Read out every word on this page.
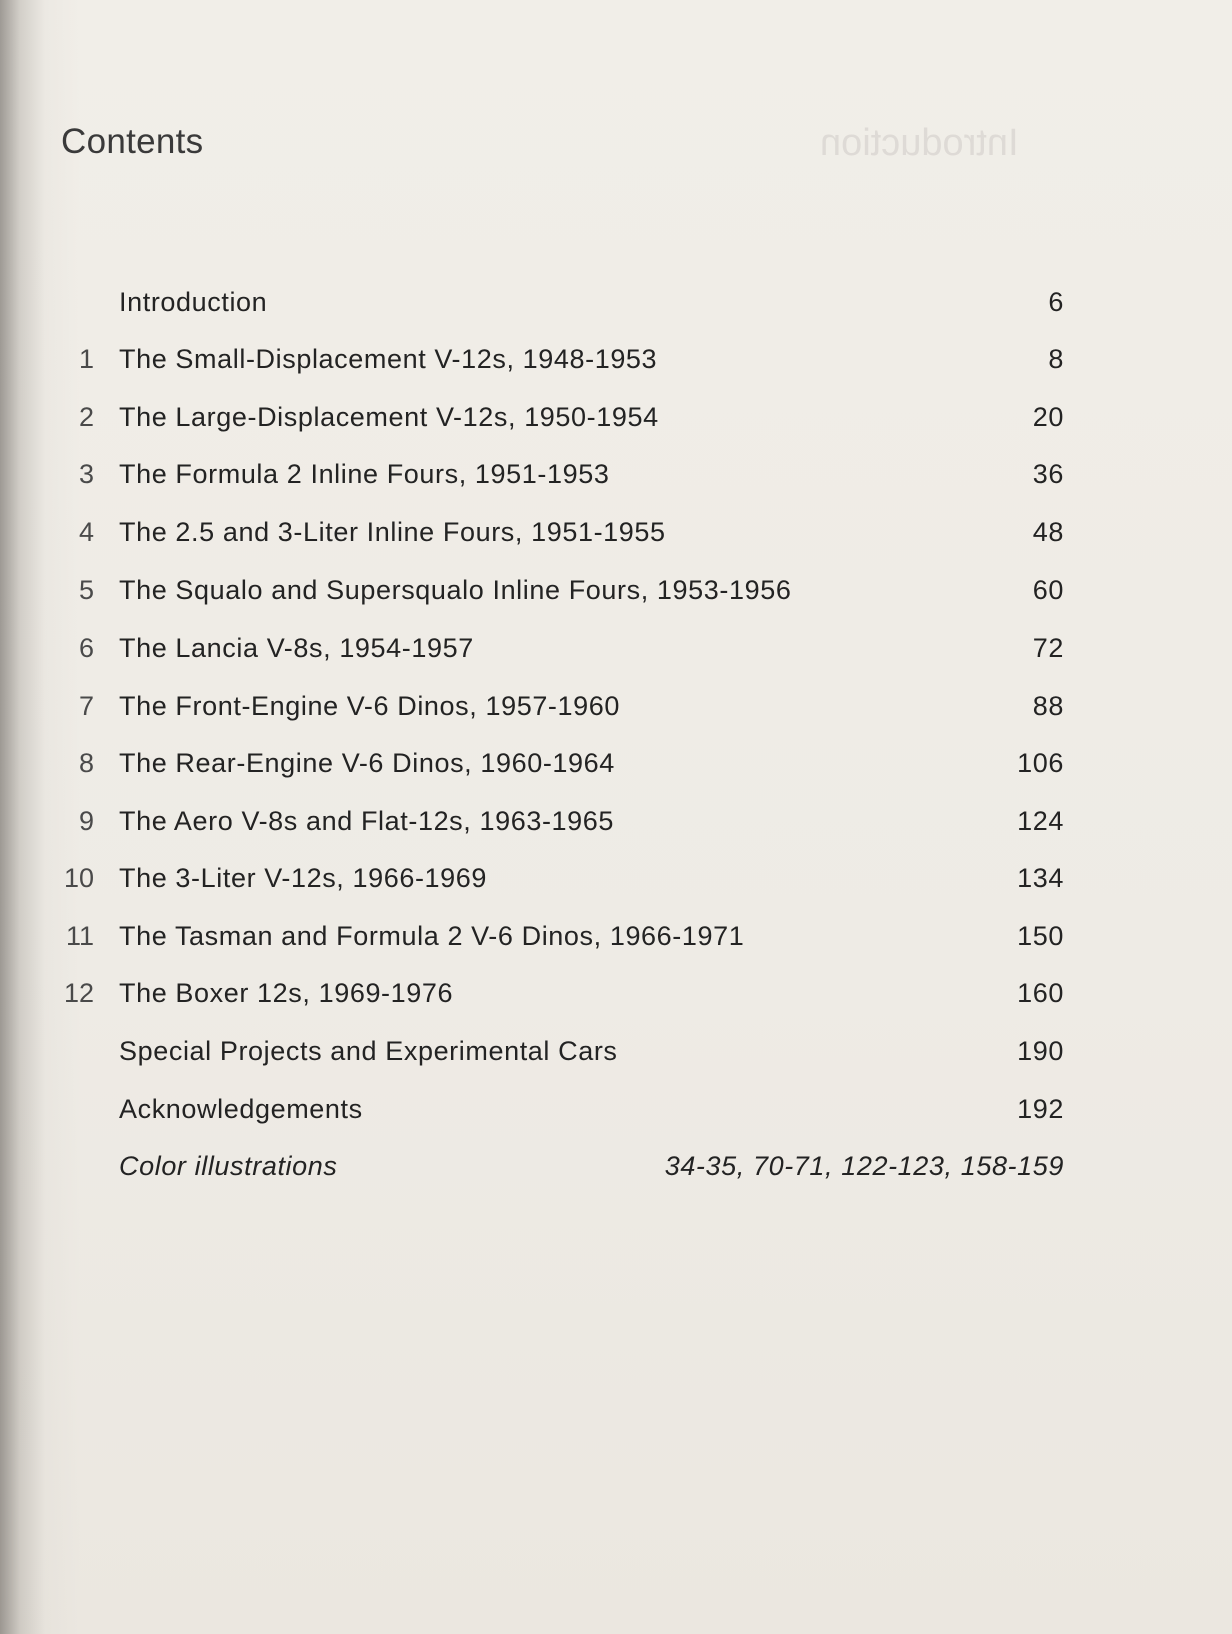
Introduction
Contents
Introduction	6
1 The Small-Displacement V-12s, 1948-1953	8
2 The Large-Displacement V-12s, 1950-1954	20
3 The Formula 2 Inline Fours, 1951-1953	36
4 The 2.5 and 3-Liter Inline Fours, 1951-1955	48
5 The Squalo and Supersqualo Inline Fours, 1953-1956	60
6 The Lancia V-8s, 1954-1957	72
7 The Front-Engine V-6 Dinos, 1957-1960	88
8 The Rear-Engine V-6 Dinos, 1960-1964	106
9 The Aero V-8s and Flat-12s, 1963-1965	124
10 The 3-Liter V-12s, 1966-1969	134
11 The Tasman and Formula 2 V-6 Dinos, 1966-1971	150
12 The Boxer 12s, 1969-1976	160
Special Projects and Experimental Cars	190
Acknowledgements	192
Color illustrations	34-35, 70-71, 122-123, 158-159
